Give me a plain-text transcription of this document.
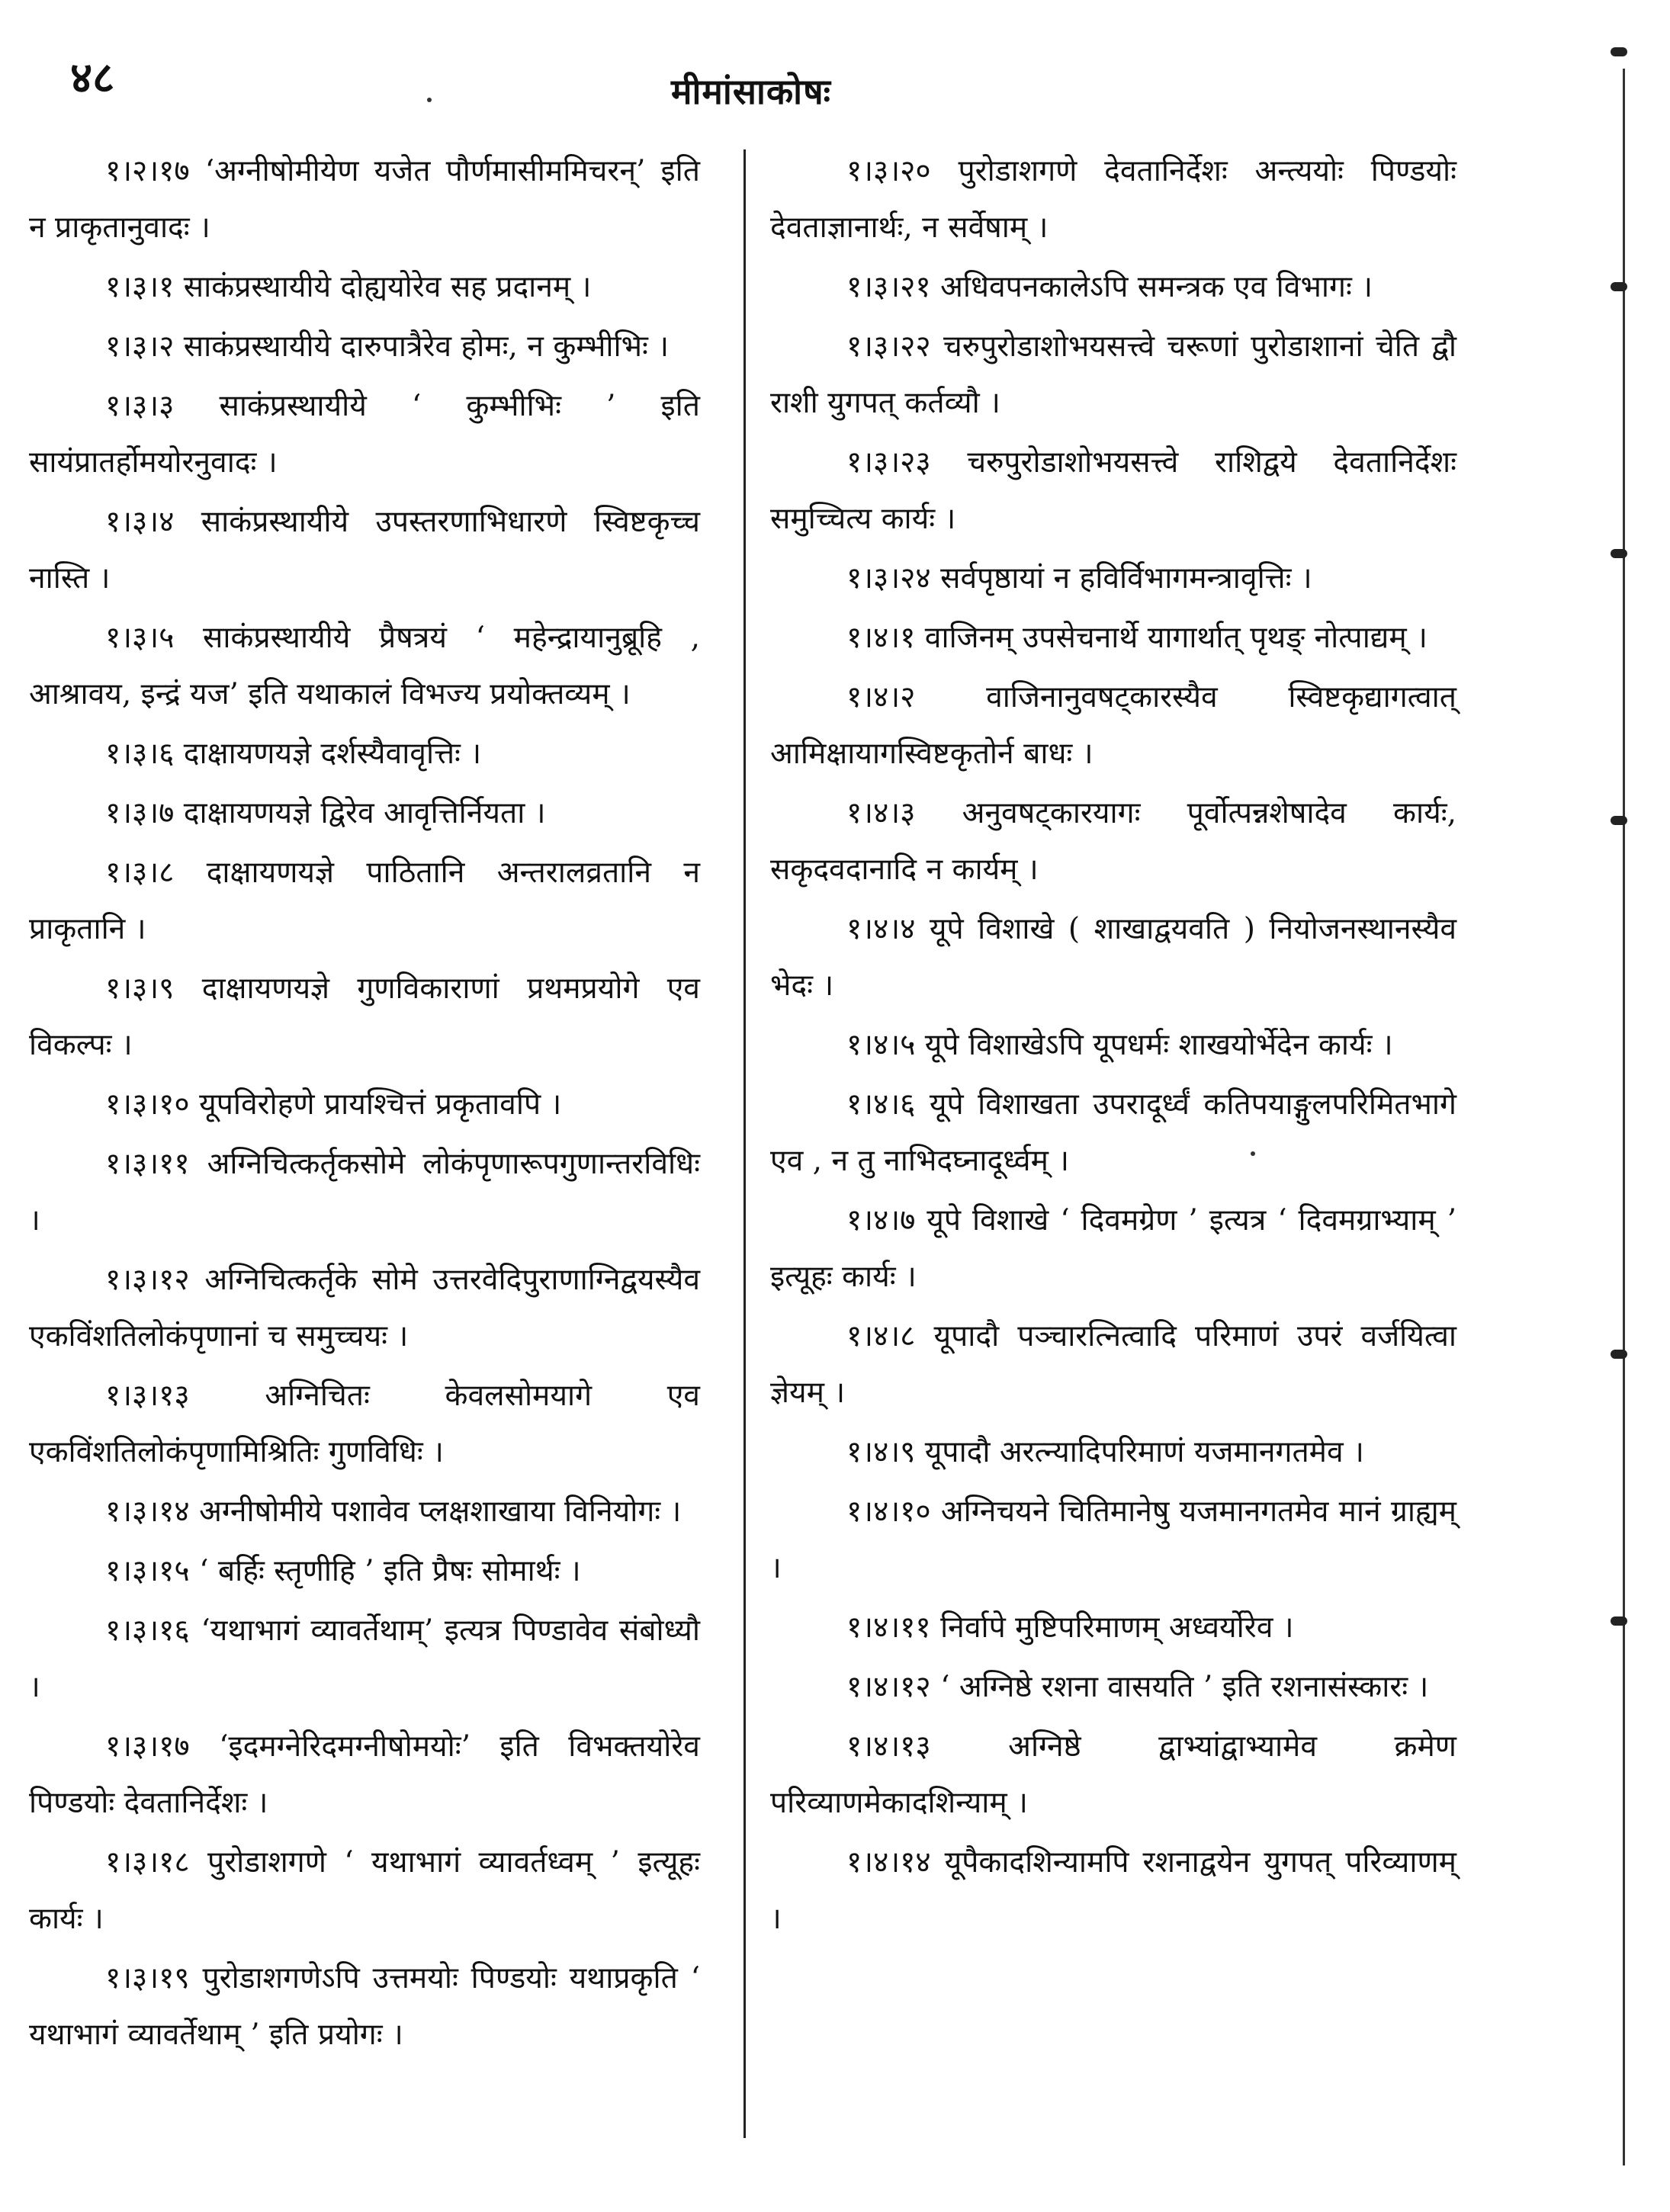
४८	मीमांसाकोषः

१।२।१७ ‘अग्नीषोमीयेण यजेत पौर्णमासीममिचरन्’ इति न प्राकृतानुवादः ।

१।३।१ साकंप्रस्थायीये दोह्ययोरेव सह प्रदानम् ।

१।३।२ साकंप्रस्थायीये दारुपात्रैरेव होमः, न कुम्भीभिः ।

१।३।३ साकंप्रस्थायीये ‘ कुम्भीभिः ’ इति सायंप्रातर्होमयोरनुवादः ।

१।३।४ साकंप्रस्थायीये उपस्तरणाभिधारणे स्विष्टकृच्च नास्ति ।

१।३।५ साकंप्रस्थायीये प्रैषत्रयं ‘ महेन्द्रायानुब्रूहि , आश्रावय, इन्द्रं यज’ इति यथाकालं विभज्य प्रयोक्तव्यम् ।

१।३।६ दाक्षायणयज्ञे दर्शस्यैवावृत्तिः ।

१।३।७ दाक्षायणयज्ञे द्विरेव आवृत्तिर्नियता ।

१।३।८ दाक्षायणयज्ञे पाठितानि अन्तरालव्रतानि न प्राकृतानि ।

१।३।९ दाक्षायणयज्ञे गुणविकाराणां प्रथमप्रयोगे एव विकल्पः ।

१।३।१० यूपविरोहणे प्रायश्चित्तं प्रकृतावपि ।

१।३।११ अग्निचित्कर्तृकसोमे लोकंपृणारूपगुणान्तरविधिः ।

१।३।१२ अग्निचित्कर्तृके सोमे उत्तरवेदिपुराणाग्निद्वयस्यैव एकविंशतिलोकंपृणानां च समुच्चयः ।

१।३।१३ अग्निचितः केवलसोमयागे एव एकविंशतिलोकंपृणामिश्रितिः गुणविधिः ।

१।३।१४ अग्नीषोमीये पशावेव प्लक्षशाखाया विनियोगः ।

१।३।१५ ‘ बर्हिः स्तृणीहि ’ इति प्रैषः सोमार्थः ।

१।३।१६ ‘यथाभागं व्यावर्तेथाम्’ इत्यत्र पिण्डावेव संबोध्यौ ।

१।३।१७ ‘इदमग्नेरिदमग्नीषोमयोः’ इति विभक्तयोरेव पिण्डयोः देवतानिर्देशः ।

१।३।१८ पुरोडाशगणे ‘ यथाभागं व्यावर्तध्वम् ’ इत्यूहः कार्यः ।

१।३।१९ पुरोडाशगणेऽपि उत्तमयोः पिण्डयोः यथाप्रकृति ‘ यथाभागं व्यावर्तेथाम् ’ इति प्रयोगः ।

१।३।२० पुरोडाशगणे देवतानिर्देशः अन्त्ययोः पिण्डयोः देवताज्ञानार्थः, न सर्वेषाम् ।

१।३।२१ अधिवपनकालेऽपि समन्त्रक एव विभागः ।

१।३।२२ चरुपुरोडाशोभयसत्त्वे चरूणां पुरोडाशानां चेति द्वौ राशी युगपत् कर्तव्यौ ।

१।३।२३ चरुपुरोडाशोभयसत्त्वे राशिद्वये देवतानिर्देशः समुच्चित्य कार्यः ।

१।३।२४ सर्वपृष्ठायां न हविर्विभागमन्त्रावृत्तिः ।

१।४।१ वाजिनम् उपसेचनार्थे यागार्थात् पृथङ् नोत्पाद्यम् ।

१।४।२ वाजिनानुवषट्कारस्यैव स्विष्टकृद्यागत्वात् आमिक्षायागस्विष्टकृतोर्न बाधः ।

१।४।३ अनुवषट्कारयागः पूर्वोत्पन्नशेषादेव कार्यः, सकृदवदानादि न कार्यम् ।

१।४।४ यूपे विशाखे ( शाखाद्वयवति ) नियोजनस्थानस्यैव भेदः ।

१।४।५ यूपे विशाखेऽपि यूपधर्मः शाखयोर्भेदेन कार्यः ।

१।४।६ यूपे विशाखता उपरादूर्ध्वं कतिपयाङ्गुलपरिमितभागे एव , न तु नाभिदघ्नादूर्ध्वम् ।

१।४।७ यूपे विशाखे ‘ दिवमग्रेण ’ इत्यत्र ‘ दिवमग्राभ्याम् ’ इत्यूहः कार्यः ।

१।४।८ यूपादौ पञ्चारत्नित्वादि परिमाणं उपरं वर्जयित्वा ज्ञेयम् ।

१।४।९ यूपादौ अरत्न्यादिपरिमाणं यजमानगतमेव ।

१।४।१० अग्निचयने चितिमानेषु यजमानगतमेव मानं ग्राह्यम् ।

१।४।११ निर्वापे मुष्टिपरिमाणम् अध्वर्योरेव ।

१।४।१२ ‘ अग्निष्ठे रशना वासयति ’ इति रशनासंस्कारः ।

१।४।१३ अग्निष्ठे द्वाभ्यांद्वाभ्यामेव क्रमेण परिव्याणमेकादशिन्याम् ।

१।४।१४ यूपैकादशिन्यामपि रशनाद्वयेन युगपत् परिव्याणम् ।
